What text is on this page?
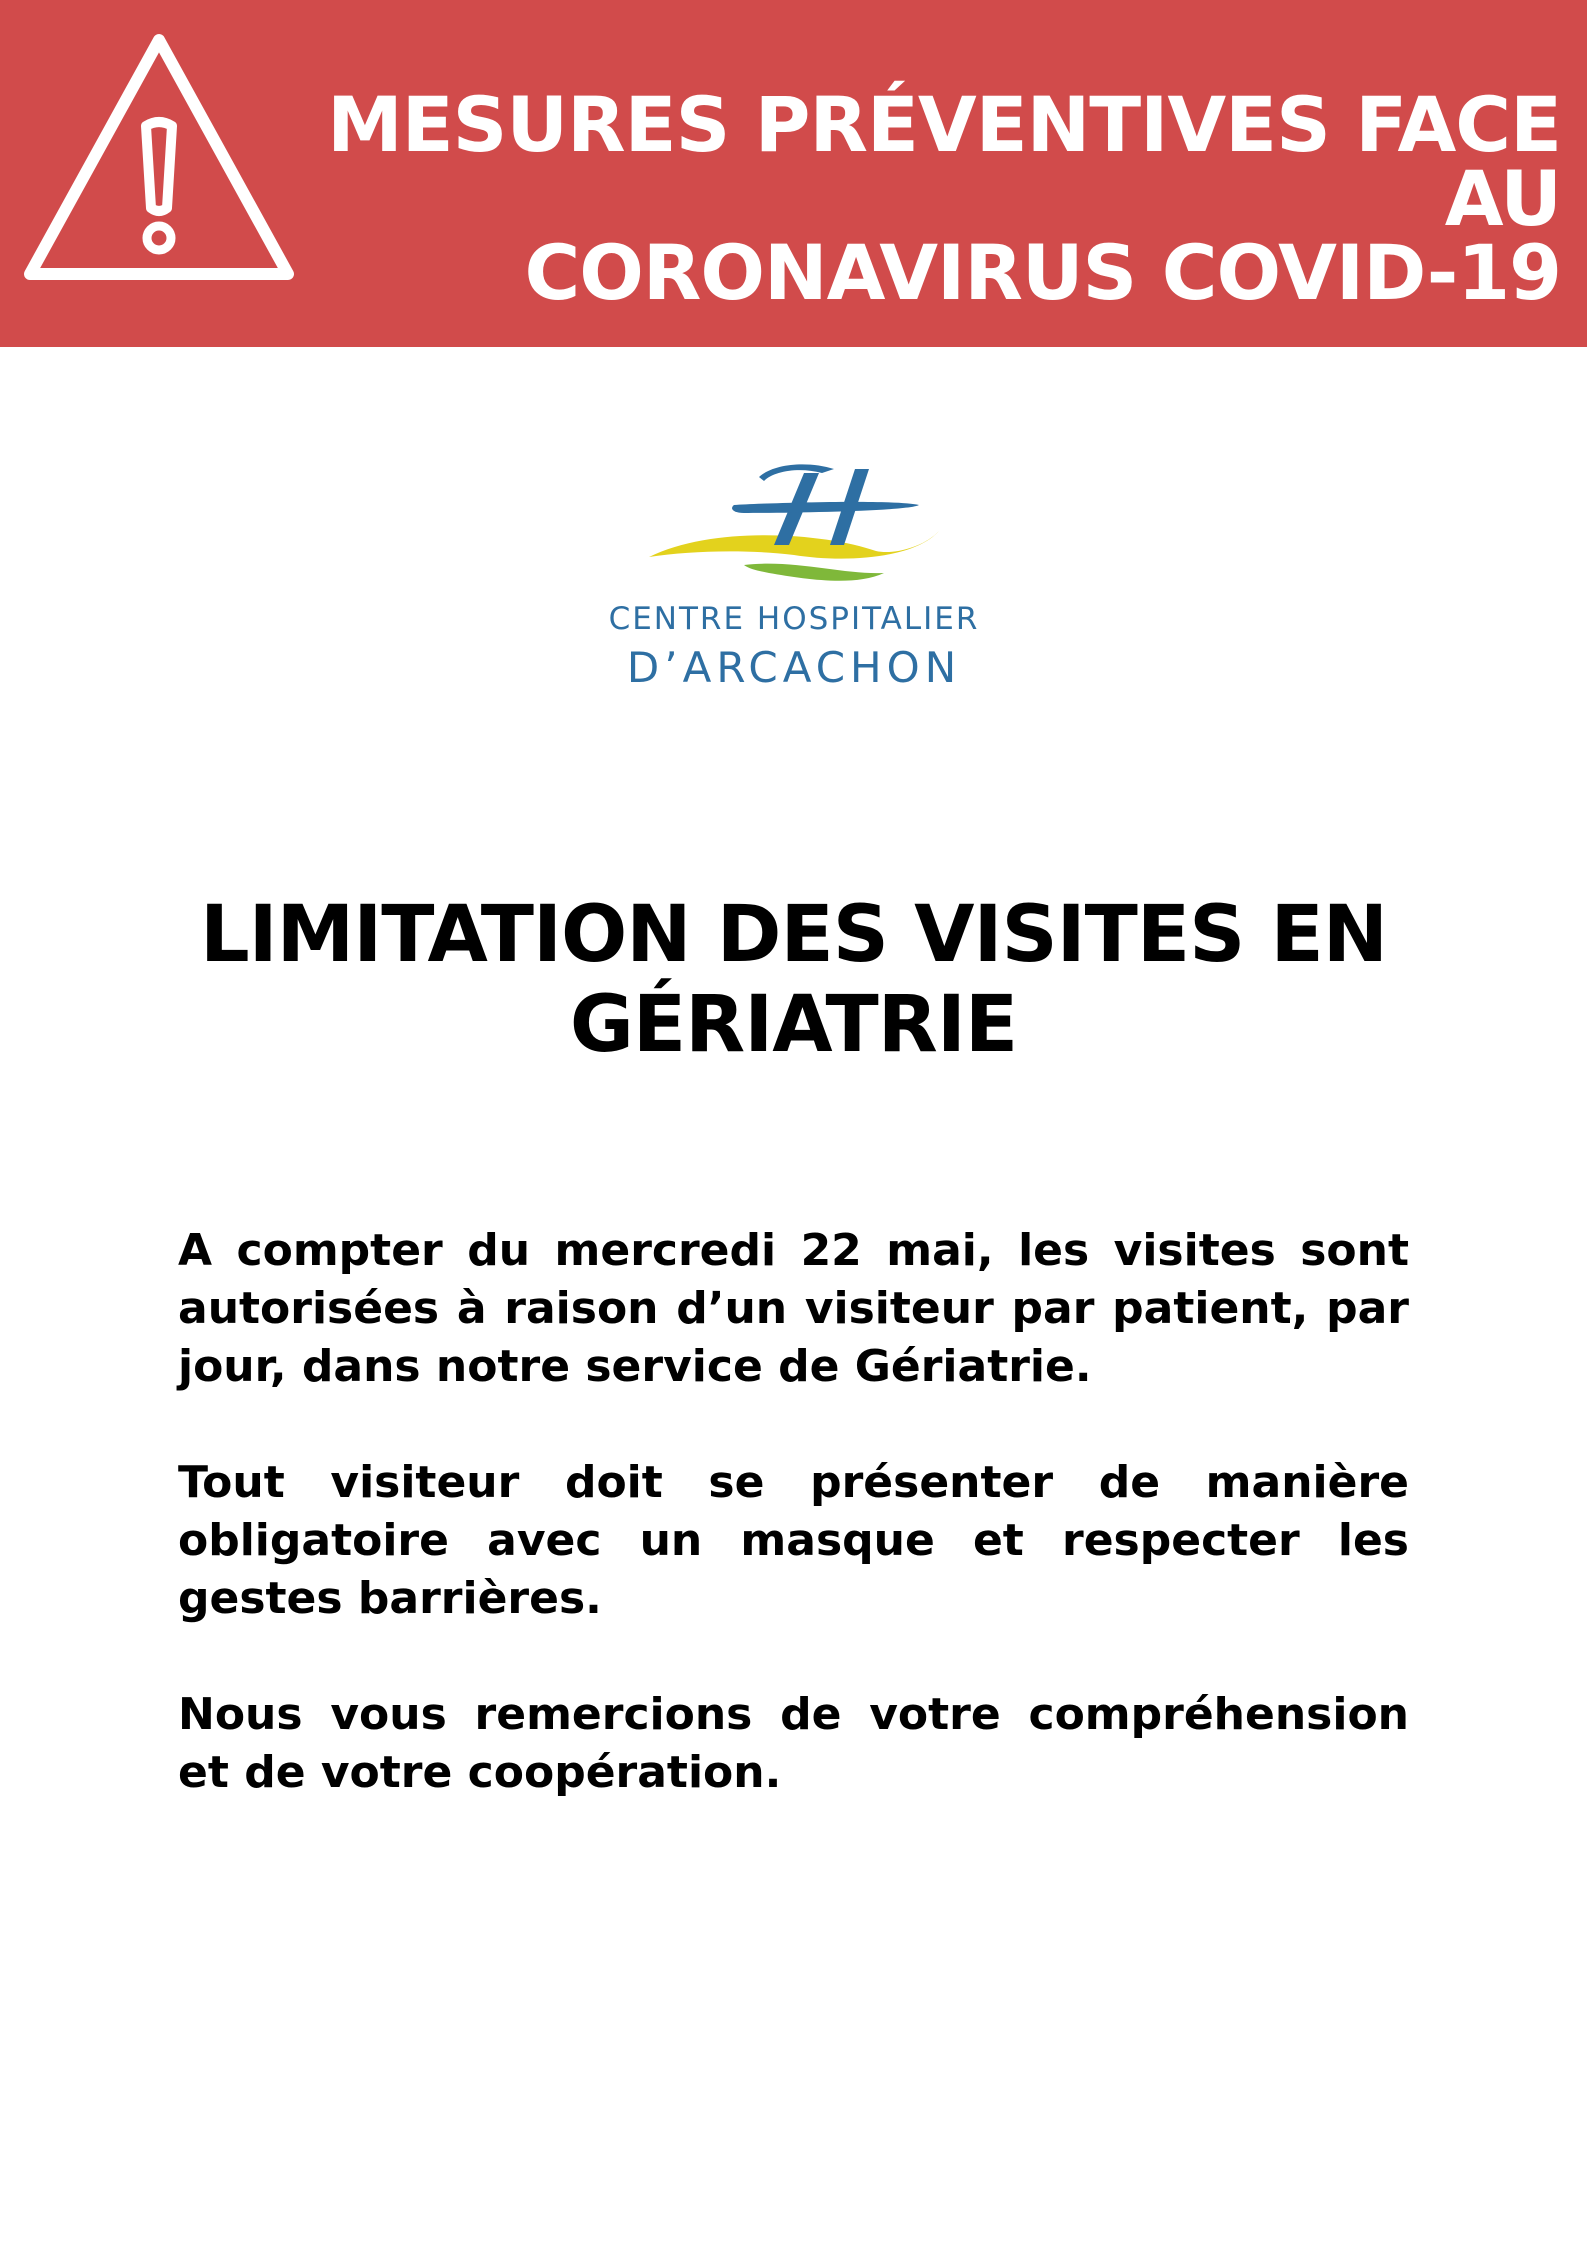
MESURES PRÉVENTIVES FACE AU
CORONAVIRUS COVID-19
CENTRE HOSPITALIER
D’ARCACHON
LIMITATION DES VISITES EN
GÉRIATRIE

A compter du mercredi 22 mai, les visites sont autorisées à raison d’un visiteur par patient, par jour, dans notre service de Gériatrie.

Tout visiteur doit se présenter de manière obligatoire avec un masque et respecter les gestes barrières.

Nous vous remercions de votre compréhension et de votre coopération.
